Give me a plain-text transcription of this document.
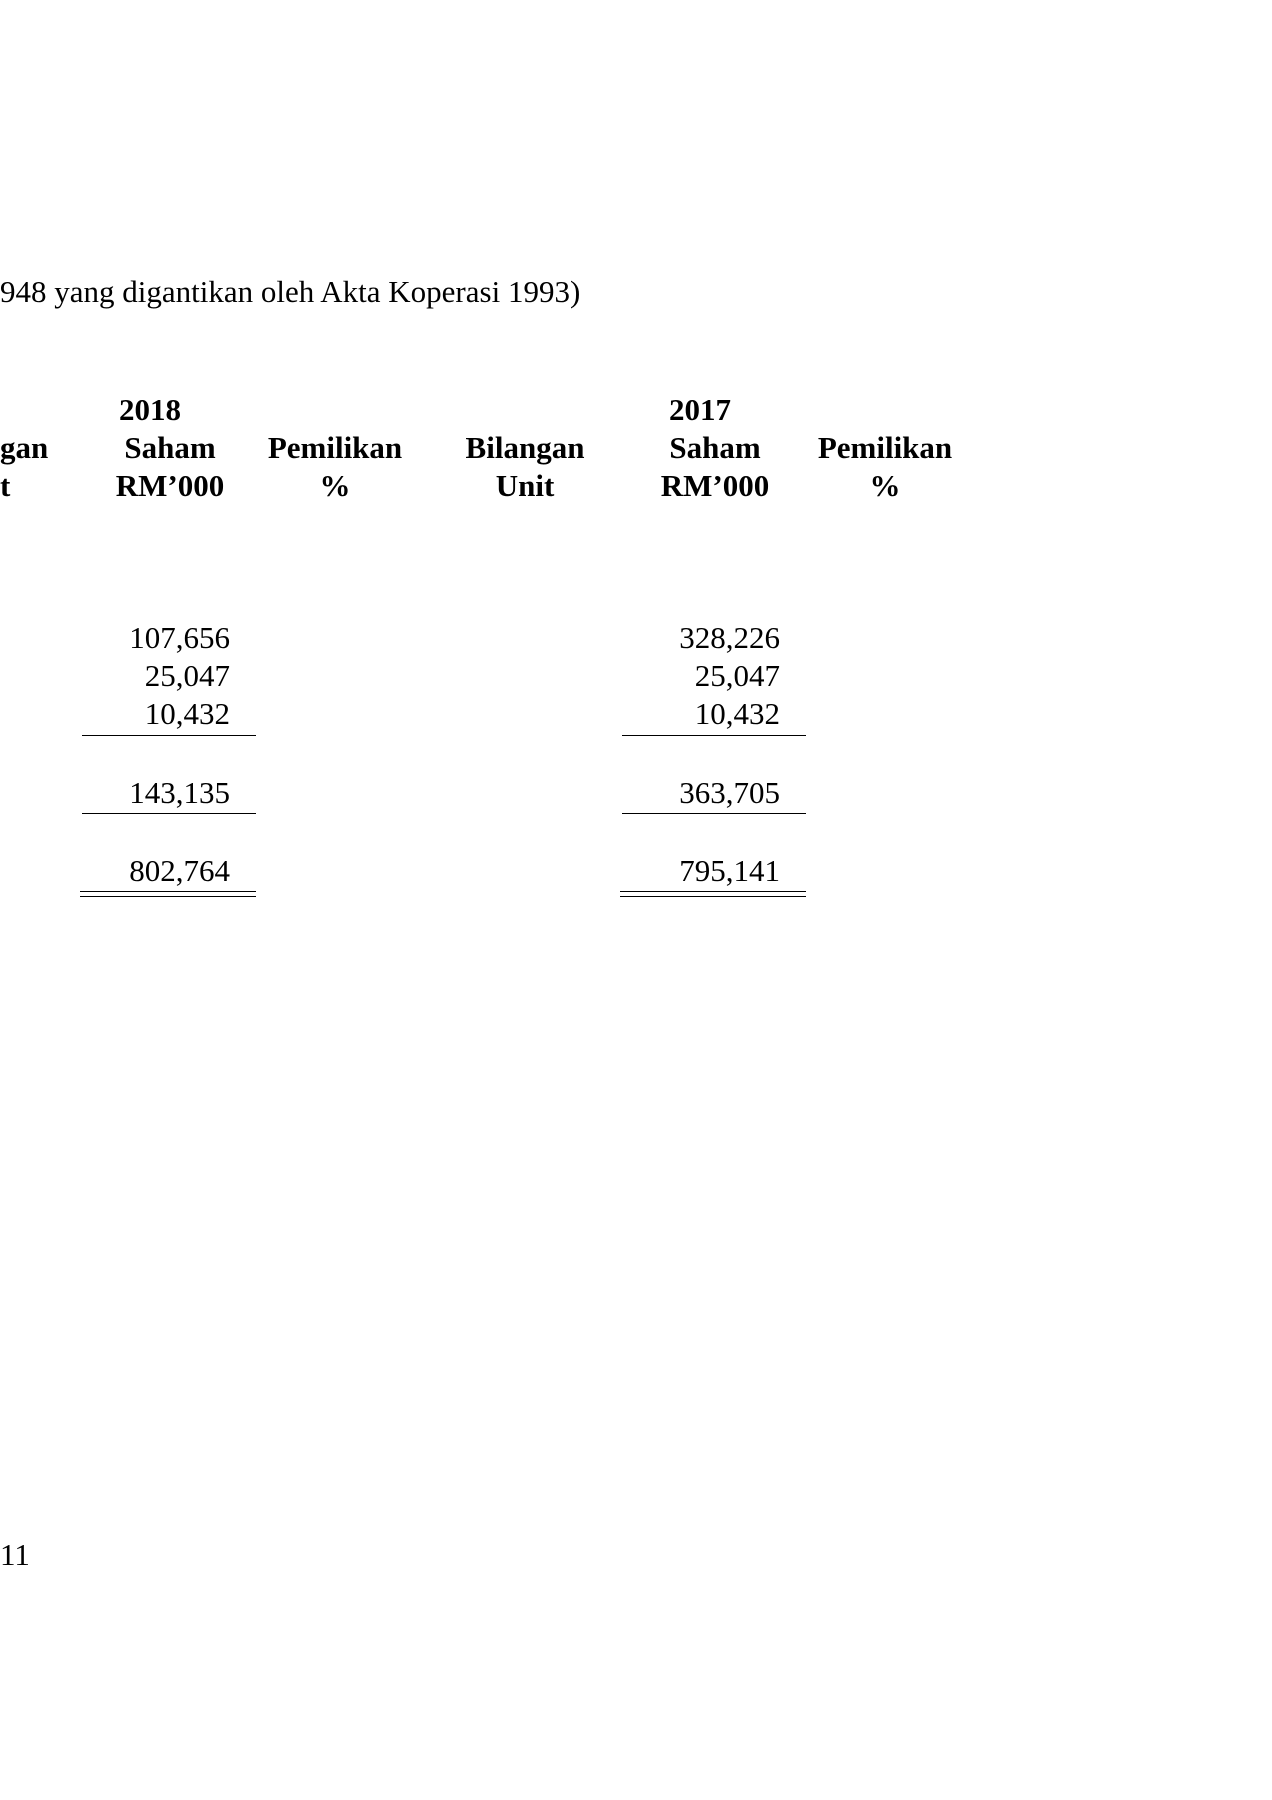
948 yang digantikan oleh Akta Koperasi 1993)
2018
gan
t
Saham
RM’000
Pemilikan
%
2017
Bilangan
Unit
Saham
RM’000
Pemilikan
%
107,656
25,047
10,432
143,135
802,764
328,226
25,047
10,432
363,705
795,141
11
